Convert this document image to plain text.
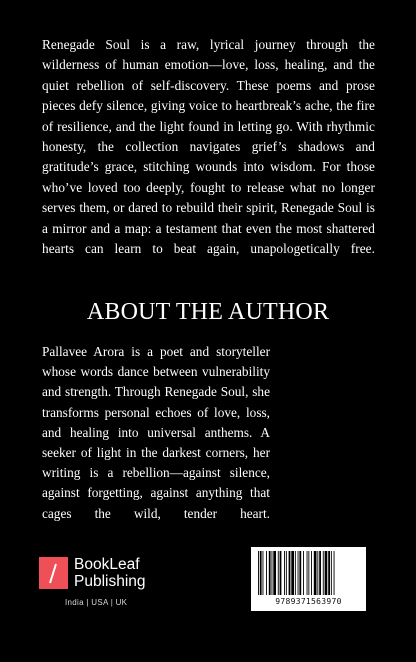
Renegade Soul is a raw, lyrical journey through the wilderness of human emotion—love, loss, healing, and the quiet rebellion of self-discovery. These poems and prose pieces defy silence, giving voice to heartbreak’s ache, the fire of resilience, and the light found in letting go. With rhythmic honesty, the collection navigates grief’s shadows and gratitude’s grace, stitching wounds into wisdom. For those who’ve loved too deeply, fought to release what no longer serves them, or dared to rebuild their spirit, Renegade Soul is a mirror and a map: a testament that even the most shattered hearts can learn to beat again, unapologetically free.

ABOUT THE AUTHOR

Pallavee Arora is a poet and storyteller whose words dance between vulnerability and strength. Through Renegade Soul, she transforms personal echoes of love, loss, and healing into universal anthems. A seeker of light in the darkest corners, her writing is a rebellion—against silence, against forgetting, against anything that cages the wild, tender heart.

BookLeaf
Publishing
India | USA | UK	9789371563970
